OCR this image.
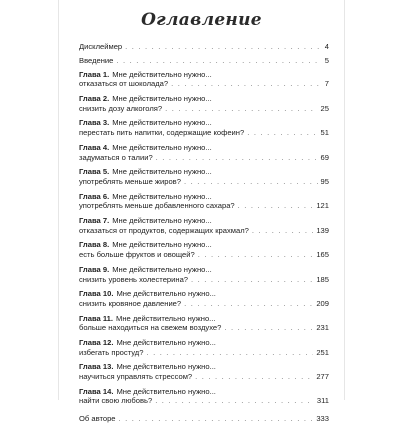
Оглавление
Дисклеймер . . .	4
Введение . . .	5
Глава 1. Мне действительно нужно...
отказаться от шоколада? . . .	7
Глава 2. Мне действительно нужно...
снизить дозу алкоголя? . . .	25
Глава 3. Мне действительно нужно...
перестать пить напитки, содержащие кофеин? . . .	51
Глава 4. Мне действительно нужно...
задуматься о талии? . . .	69
Глава 5. Мне действительно нужно...
употреблять меньше жиров? . . .	95
Глава 6. Мне действительно нужно...
употреблять меньше добавленного сахара? . . .	121
Глава 7. Мне действительно нужно...
отказаться от продуктов, содержащих крахмал? . . .	139
Глава 8. Мне действительно нужно...
есть больше фруктов и овощей? . . .	165
Глава 9. Мне действительно нужно...
снизить уровень холестерина? . . .	185
Глава 10. Мне действительно нужно...
снизить кровяное давление? . . .	209
Глава 11. Мне действительно нужно...
больше находиться на свежем воздухе? . . .	231
Глава 12. Мне действительно нужно...
избегать простуд? . . .	251
Глава 13. Мне действительно нужно...
научиться управлять стрессом? . . .	277
Глава 14. Мне действительно нужно...
найти свою любовь? . . .	311
Об авторе . . .	333
